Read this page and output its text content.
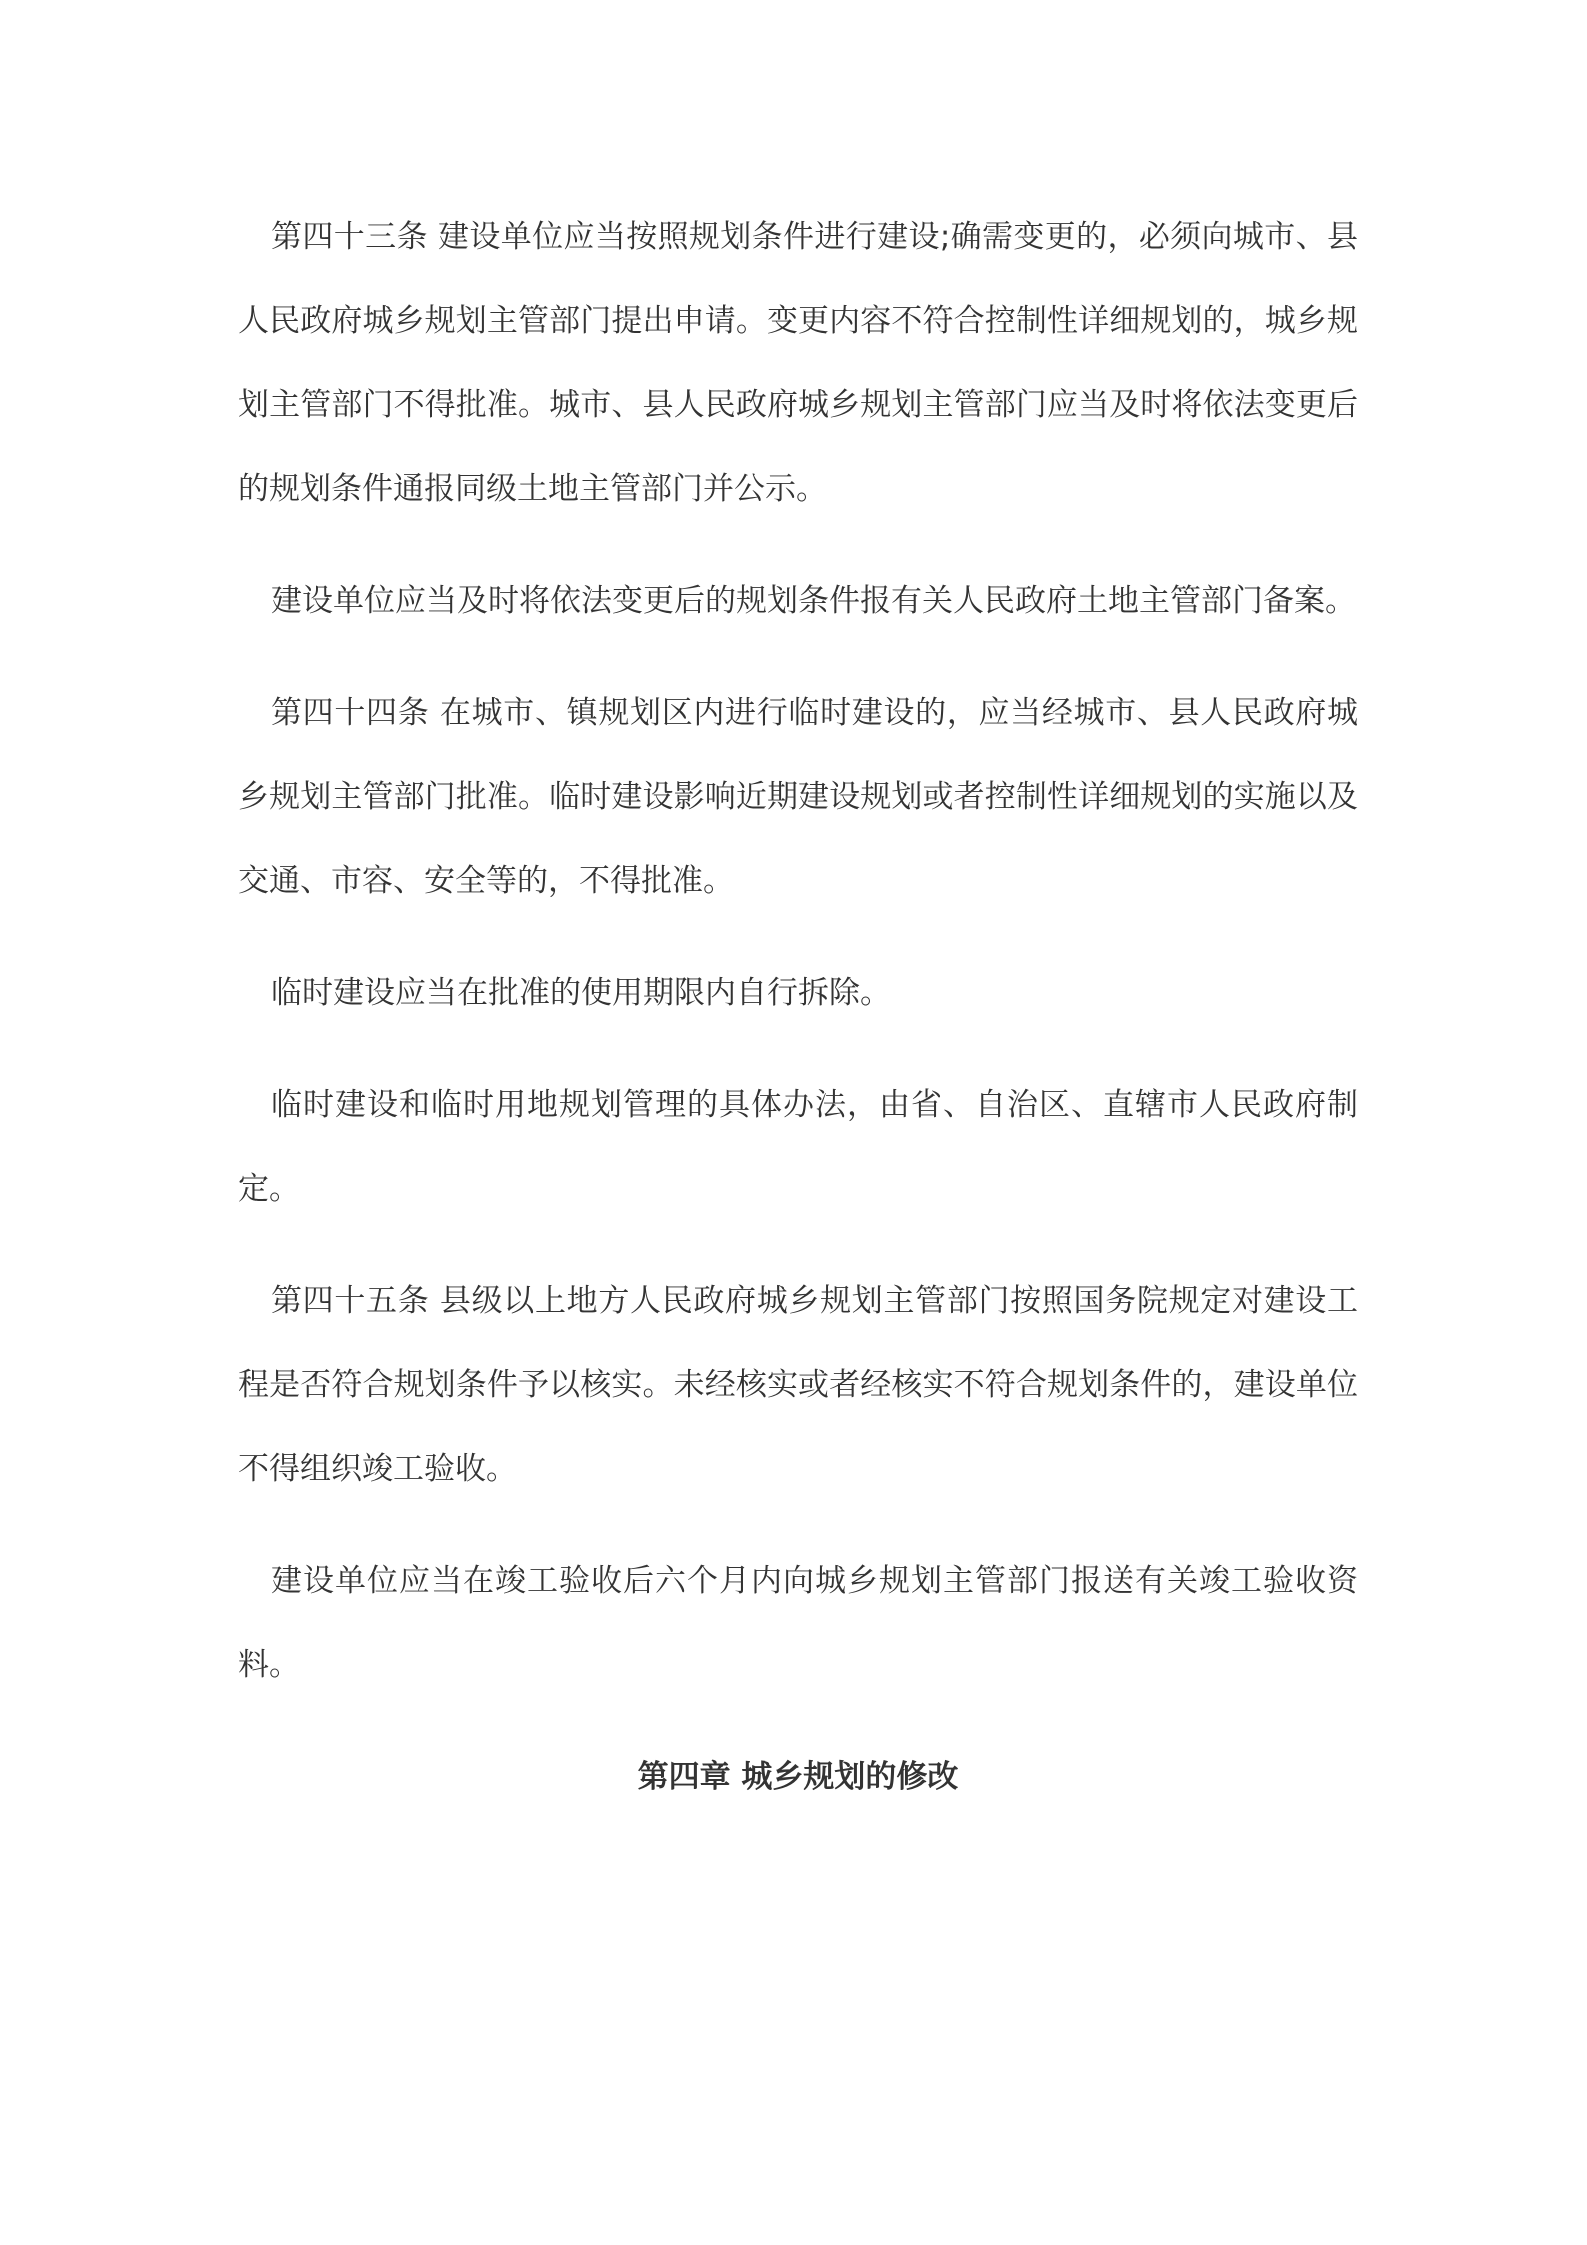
第四十三条 建设单位应当按照规划条件进行建设;确需变更的，必须向城市、县人民政府城乡规划主管部门提出申请。变更内容不符合控制性详细规划的，城乡规划主管部门不得批准。城市、县人民政府城乡规划主管部门应当及时将依法变更后的规划条件通报同级土地主管部门并公示。

建设单位应当及时将依法变更后的规划条件报有关人民政府土地主管部门备案。

第四十四条 在城市、镇规划区内进行临时建设的，应当经城市、县人民政府城乡规划主管部门批准。临时建设影响近期建设规划或者控制性详细规划的实施以及交通、市容、安全等的，不得批准。

临时建设应当在批准的使用期限内自行拆除。

临时建设和临时用地规划管理的具体办法，由省、自治区、直辖市人民政府制定。

第四十五条 县级以上地方人民政府城乡规划主管部门按照国务院规定对建设工程是否符合规划条件予以核实。未经核实或者经核实不符合规划条件的，建设单位不得组织竣工验收。

建设单位应当在竣工验收后六个月内向城乡规划主管部门报送有关竣工验收资料。

第四章 城乡规划的修改
